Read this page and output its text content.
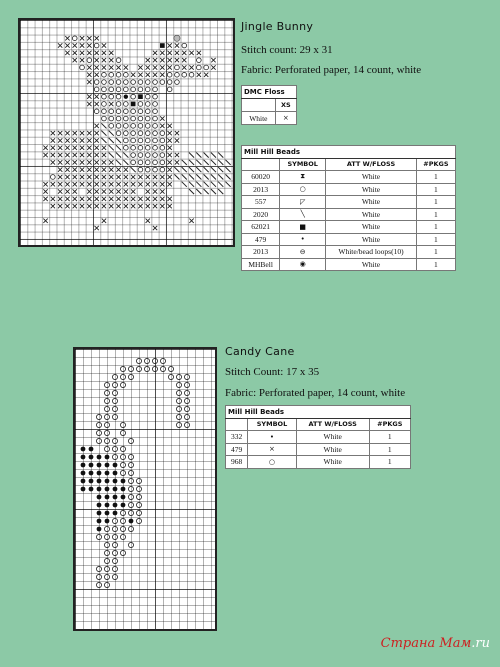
Jingle Bunny
Stitch count: 29 x 31
Fabric: Perforated paper, 14 count, white
DMC Floss	
	XS
White	×
Mill Hill Beads			
	SYMBOL	ATT W/FLOSS	#PKGS
60020	⧗	White	1
2013	○	White	1
557	◸	White	1
2020	╲	White	1
62021	■	White	1
479	•	White	1
2013	⊖	White/bead loops(10)	1
MHBell	◉	White	1
Candy Cane
Stitch Count: 17 x 35
Fabric: Perforated paper, 14 count, white
Mill Hill Beads			
	SYMBOL	ATT W/FLOSS	#PKGS
332	•	White	1
479	×	White	1
968	○	White	1
Страна Мам.ru
